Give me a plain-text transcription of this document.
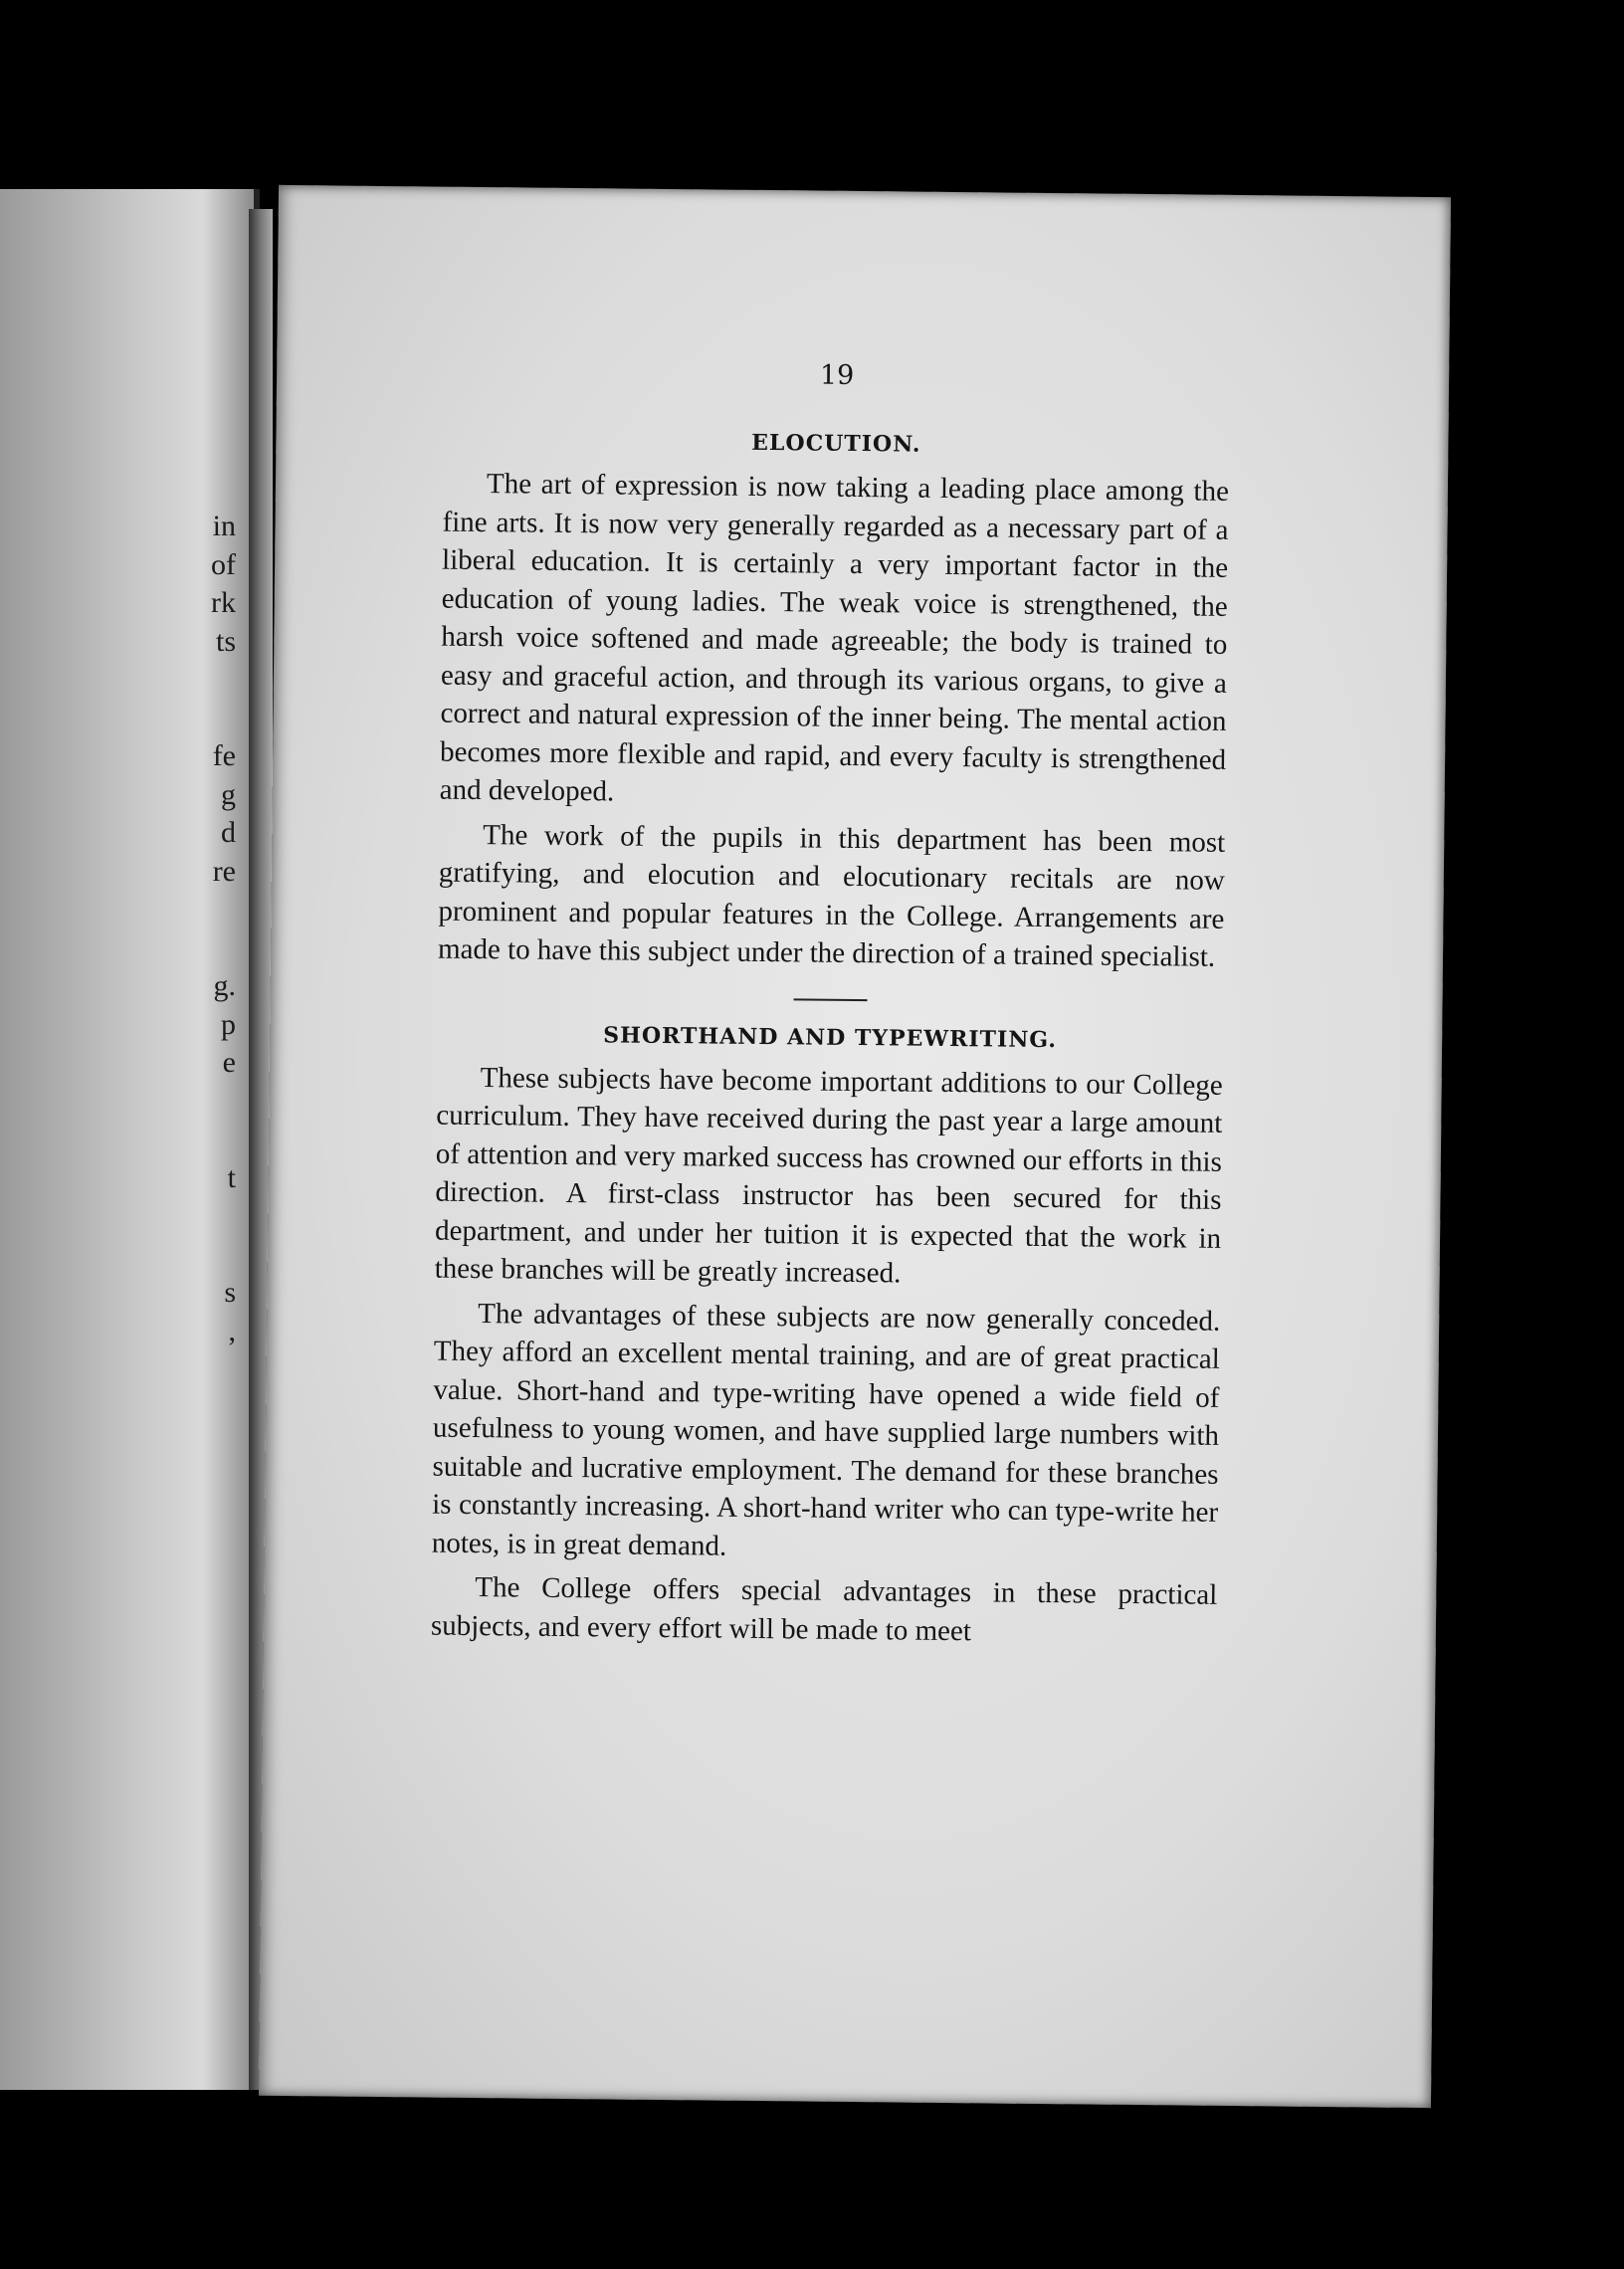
in
of
rk
ts
fe
g
d
re
g.
p
e
t
s
,
19
ELOCUTION.

The art of expression is now taking a leading place among the fine arts. It is now very generally regarded as a necessary part of a liberal education. It is certainly a very important factor in the education of young ladies. The weak voice is strengthened, the harsh voice softened and made agreeable; the body is trained to easy and graceful action, and through its various organs, to give a correct and natural expression of the inner being. The mental action becomes more flexible and rapid, and every faculty is strengthened and developed.

The work of the pupils in this department has been most gratifying, and elocution and elocutionary recitals are now prominent and popular features in the College. Arrangements are made to have this subject under the direction of a trained specialist.

SHORTHAND AND TYPEWRITING.

These subjects have become important additions to our College curriculum. They have received during the past year a large amount of attention and very marked success has crowned our efforts in this direction. A first-class instructor has been secured for this department, and under her tuition it is expected that the work in these branches will be greatly increased.

The advantages of these subjects are now generally conceded. They afford an excellent mental training, and are of great practical value. Short-hand and type-writing have opened a wide field of usefulness to young women, and have supplied large numbers with suitable and lucrative employment. The demand for these branches is constantly increasing. A short-hand writer who can type-write her notes, is in great demand.

The College offers special advantages in these practical subjects, and every effort will be made to meet
